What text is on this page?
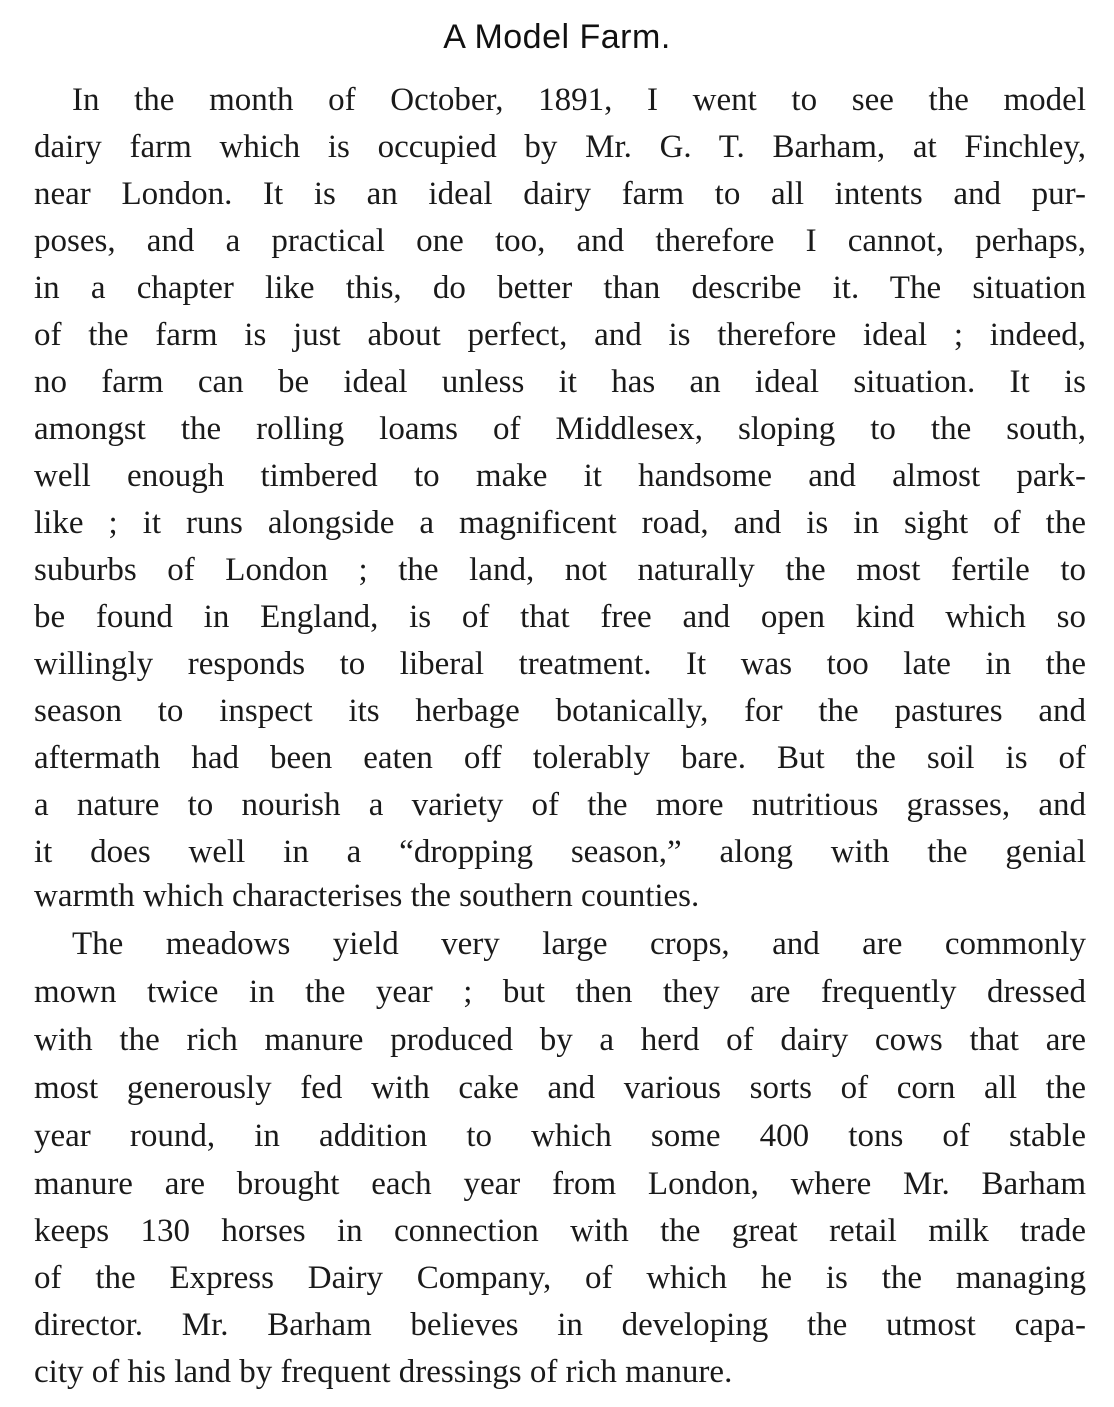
A Model Farm.
In the month of October, 1891, I went to see the model
dairy farm which is occupied by Mr. G. T. Barham, at Finchley,
near London. It is an ideal dairy farm to all intents and pur-
poses, and a practical one too, and therefore I cannot, perhaps,
in a chapter like this, do better than describe it. The situation
of the farm is just about perfect, and is therefore ideal ; indeed,
no farm can be ideal unless it has an ideal situation. It is
amongst the rolling loams of Middlesex, sloping to the south,
well enough timbered to make it handsome and almost park-
like ; it runs alongside a magnificent road, and is in sight of the
suburbs of London ; the land, not naturally the most fertile to
be found in England, is of that free and open kind which so
willingly responds to liberal treatment. It was too late in the
season to inspect its herbage botanically, for the pastures and
aftermath had been eaten off tolerably bare. But the soil is of
a nature to nourish a variety of the more nutritious grasses, and
it does well in a “dropping season,” along with the genial
warmth which characterises the southern counties.
The meadows yield very large crops, and are commonly
mown twice in the year ; but then they are frequently dressed
with the rich manure produced by a herd of dairy cows that are
most generously fed with cake and various sorts of corn all the
year round, in addition to which some 400 tons of stable
manure are brought each year from London, where Mr. Barham
keeps 130 horses in connection with the great retail milk trade
of the Express Dairy Company, of which he is the managing
director. Mr. Barham believes in developing the utmost capa-
city of his land by frequent dressings of rich manure.
